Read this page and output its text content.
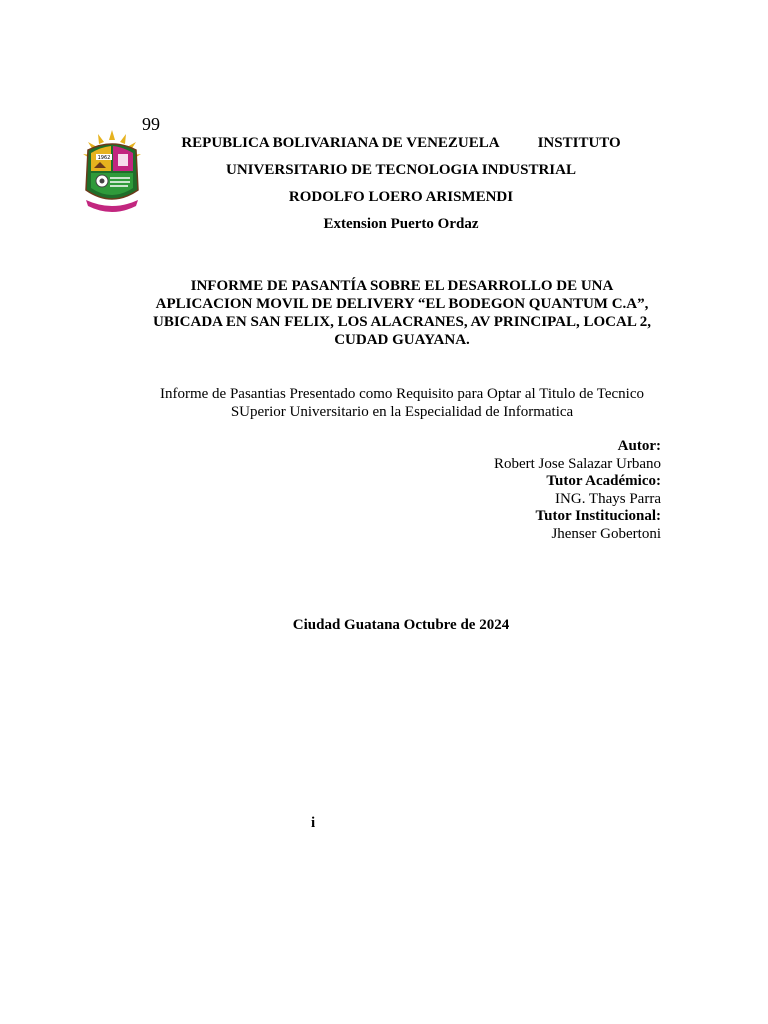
99
1962
REPUBLICA BOLIVARIANA DE VENEZUELA	INSTITUTO
UNIVERSITARIO DE TECNOLOGIA INDUSTRIAL
RODOLFO LOERO ARISMENDI
Extension Puerto Ordaz
INFORME DE PASANTÍA SOBRE EL DESARROLLO DE UNA
APLICACION MOVIL DE DELIVERY “EL BODEGON QUANTUM C.A”,
UBICADA EN SAN FELIX, LOS ALACRANES, AV PRINCIPAL, LOCAL 2,
CUDAD GUAYANA.
Informe de Pasantias Presentado como Requisito para Optar al Titulo de Tecnico
SUperior Universitario en la Especialidad de Informatica
Autor:
Robert Jose Salazar Urbano
Tutor Académico:
ING. Thays Parra
Tutor Institucional:
Jhenser Gobertoni
Ciudad Guatana Octubre de 2024
i
